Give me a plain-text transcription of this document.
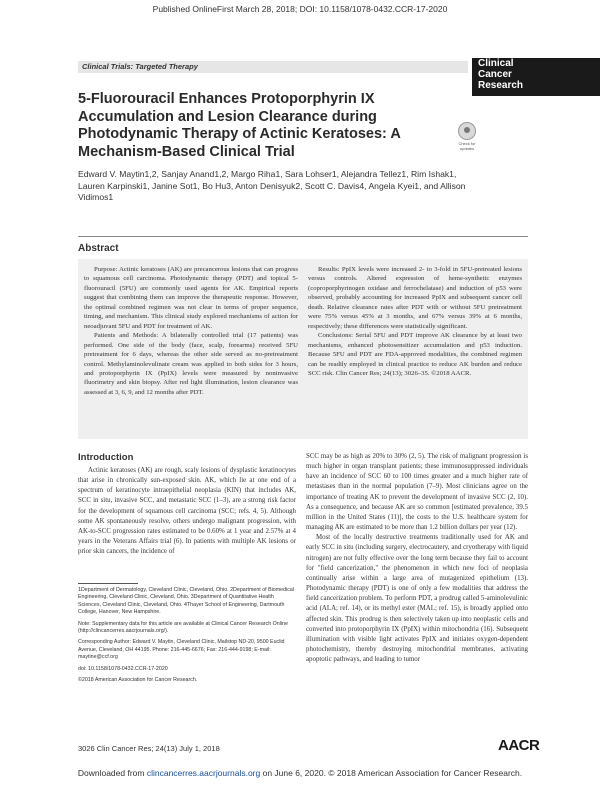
Published OnlineFirst March 28, 2018; DOI: 10.1158/1078-0432.CCR-17-2020
Clinical Trials: Targeted Therapy	Clinical
Cancer
Research
5-Fluorouracil Enhances Protoporphyrin IX Accumulation and Lesion Clearance during Photodynamic Therapy of Actinic Keratoses: A Mechanism-Based Clinical Trial	Check for updates
Edward V. Maytin1,2, Sanjay Anand1,2, Margo Riha1, Sara Lohser1, Alejandra Tellez1, Rim Ishak1, Lauren Karpinski1, Janine Sot1, Bo Hu3, Anton Denisyuk2, Scott C. Davis4, Angela Kyei1, and Allison Vidimos1
Abstract

Purpose: Actinic keratoses (AK) are precancerous lesions that can progress to squamous cell carcinoma. Photodynamic therapy (PDT) and topical 5-fluorouracil (5FU) are commonly used agents for AK. Empirical reports suggest that combining them can improve the therapeutic response. However, the optimal combined regimen was not clear in terms of proper sequence, timing, and mechanism. This clinical study explored mechanisms of action for neoadjuvant 5FU and PDT for treatment of AK.

Patients and Methods: A bilaterally controlled trial (17 patients) was performed. One side of the body (face, scalp, forearms) received 5FU pretreatment for 6 days, whereas the other side served as no-pretreatment control. Methylaminolevulinate cream was applied to both sides for 3 hours, and protoporphyrin IX (PpIX) levels were measured by noninvasive fluorimetry and skin biopsy. After red light illumination, lesion clearance was assessed at 3, 6, 9, and 12 months after PDT.

Results: PpIX levels were increased 2- to 3-fold in 5FU-pretreated lesions versus controls. Altered expression of heme-synthetic enzymes (coproporphyrinogen oxidase and ferrochelatase) and induction of p53 were observed, probably accounting for increased PpIX and subsequent cancer cell death. Relative clearance rates after PDT with or without 5FU pretreatment were 75% versus 45% at 3 months, and 67% versus 39% at 6 months, respectively; these differences were statistically significant.

Conclusions: Serial 5FU and PDT improve AK clearance by at least two mechanisms, enhanced photosensitizer accumulation and p53 induction. Because 5FU and PDT are FDA-approved modalities, the combined regimen can be readily employed in clinical practice to reduce AK burden and reduce SCC risk. Clin Cancer Res; 24(13); 3026–35. ©2018 AACR.

Introduction

Actinic keratoses (AK) are rough, scaly lesions of dysplastic keratinocytes that arise in chronically sun-exposed skin. AK, which lie at one end of a spectrum of keratinocyte intraepithelial neoplasia (KIN) that includes AK, SCC in situ, invasive SCC, and metastatic SCC (1–3), are a strong risk factor for the development of squamous cell carcinoma (SCC; refs. 4, 5). Although some AK spontaneously resolve, others undergo malignant progression, with AK-to-SCC progression rates estimated to be 0.60% at 1 year and 2.57% at 4 years in the Veterans Affairs trial (6). In patients with multiple AK lesions or prior skin cancers, the incidence of

1Department of Dermatology, Cleveland Clinic, Cleveland, Ohio. 2Department of Biomedical Engineering, Cleveland Clinic, Cleveland, Ohio. 3Department of Quantitative Health Sciences, Cleveland Clinic, Cleveland, Ohio. 4Thayer School of Engineering, Dartmouth College, Hanover, New Hampshire.

Note: Supplementary data for this article are available at Clinical Cancer Research Online (http://clincancerres.aacrjournals.org/).

Corresponding Author: Edward V. Maytin, Cleveland Clinic, Mailstop ND-20, 9500 Euclid Avenue, Cleveland, OH 44195. Phone: 216-445-6676; Fax: 216-444-9198; E-mail: maytine@ccf.org

doi: 10.1158/1078-0432.CCR-17-2020

©2018 American Association for Cancer Research.

SCC may be as high as 20% to 30% (2, 5). The risk of malignant progression is much higher in organ transplant patients; these immunosuppressed individuals have an incidence of SCC 60 to 100 times greater and a much higher rate of metastases than in the normal population (7–9). Most clinicians agree on the importance of treating AK to prevent the development of invasive SCC (2, 10). As a consequence, and because AK are so common [estimated prevalence, 39.5 million in the United States (11)], the costs to the U.S. healthcare system for managing AK are estimated to be more than 1.2 billion dollars per year (12).

Most of the locally destructive treatments traditionally used for AK and early SCC in situ (including surgery, electrocautery, and cryotherapy with liquid nitrogen) are not fully effective over the long term because they fail to account for "field cancerization," the phenomenon in which new foci of neoplasia continually arise within a large area of mutagenized epithelium (13). Photodynamic therapy (PDT) is one of only a few modalities that address the field cancerization problem. To perform PDT, a prodrug called 5-aminolevulinic acid (ALA; ref. 14), or its methyl ester (MAL; ref. 15), is broadly applied onto affected skin. This prodrug is then selectively taken up into neoplastic cells and converted into protoporphyrin IX (PpIX) within mitochondria (16). Subsequent illumination with visible light activates PpIX and initiates oxygen-dependent photochemistry, thereby destroying mitochondrial membranes, activating apoptotic pathways, and leading to tumor

3026 Clin Cancer Res; 24(13) July 1, 2018	AACR
Downloaded from clincancerres.aacrjournals.org on June 6, 2020. © 2018 American Association for Cancer Research.
